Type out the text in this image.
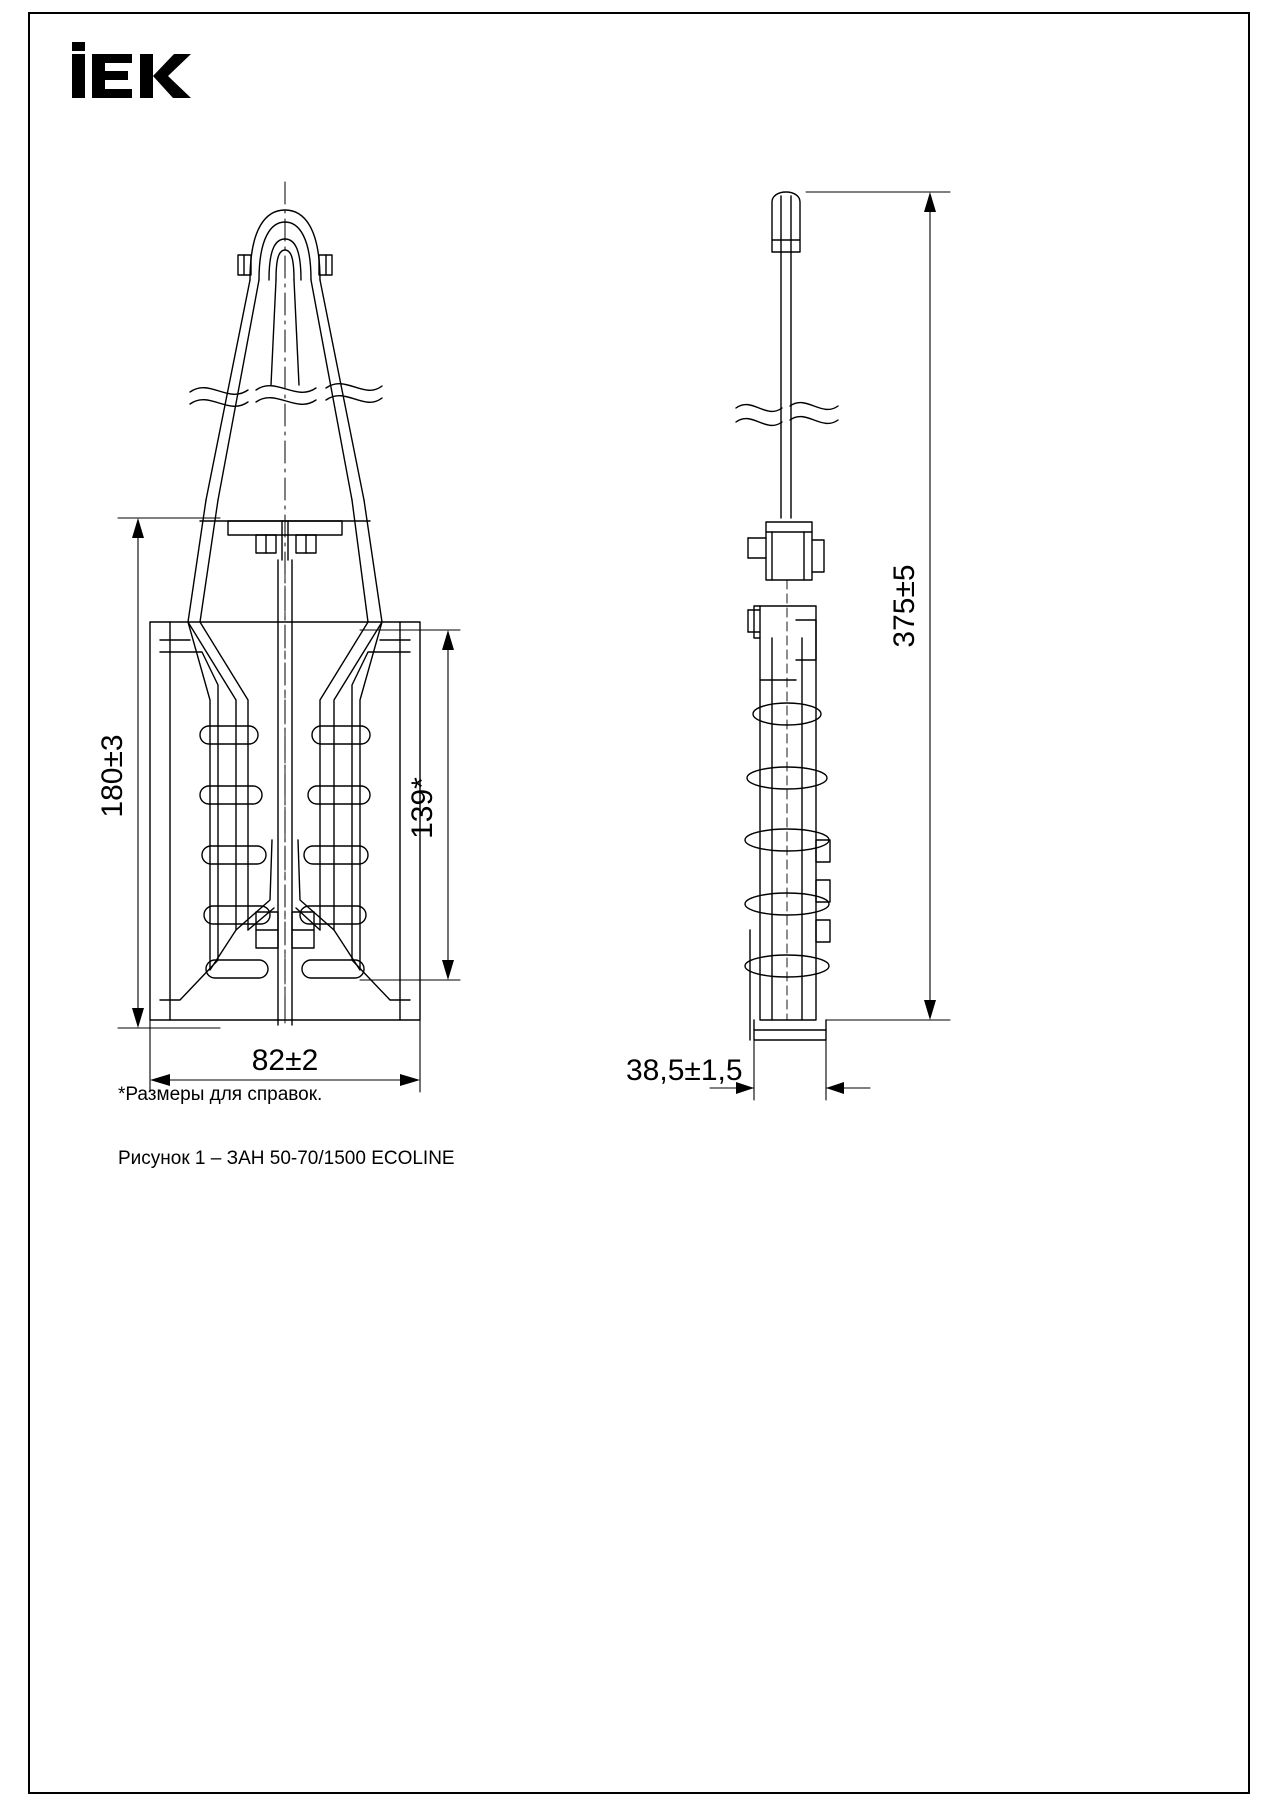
180±3	139*
82±2
375±5
38,5±1,5

*Размеры для справок.

Рисунок 1 – ЗАН 50-70/1500 ECOLINE
